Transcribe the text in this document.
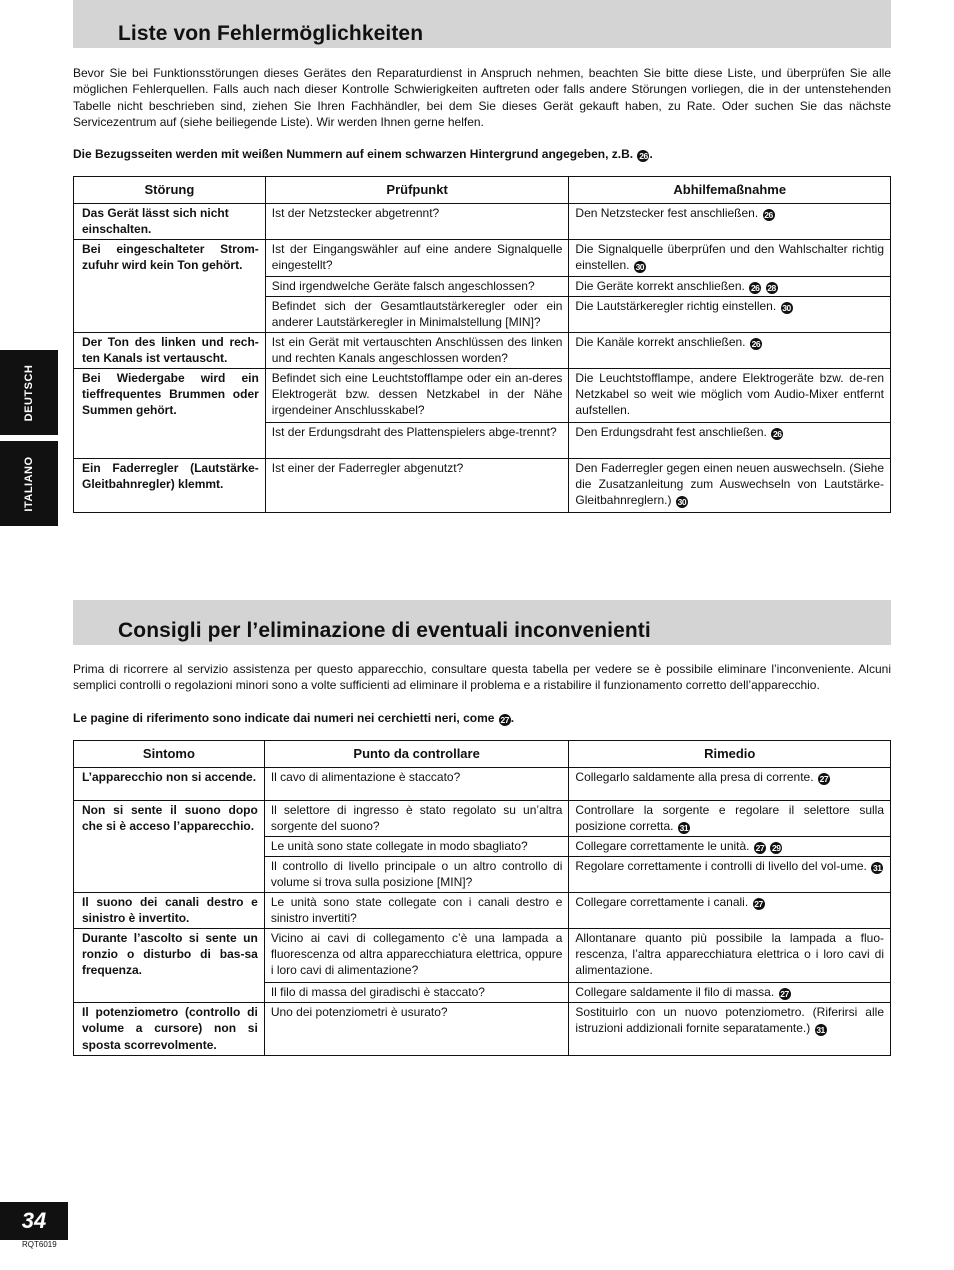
DEUTSCH
ITALIANO
Liste von Fehlermöglichkeiten
Bevor Sie bei Funktionsstörungen dieses Gerätes den Reparaturdienst in Anspruch nehmen, beachten Sie bitte diese Liste, und überprüfen Sie alle möglichen Fehlerquellen. Falls auch nach dieser Kontrolle Schwierigkeiten auftreten oder falls andere Störungen vorliegen, die in der untenstehenden Tabelle nicht beschrieben sind, ziehen Sie Ihren Fachhändler, bei dem Sie dieses Gerät gekauft haben, zu Rate. Oder suchen Sie das nächste Servicezentrum auf (siehe beiliegende Liste). Wir werden Ihnen gerne helfen.
Die Bezugsseiten werden mit weißen Nummern auf einem schwarzen Hintergrund angegeben, z.B. 26 .
Störung	Prüfpunkt	Abhilfemaßnahme
Das Gerät lässt sich nicht einschalten.	Ist der Netzstecker abgetrennt?	Den Netzstecker fest anschließen. 26
Bei eingeschalteter Strom-zufuhr wird kein Ton gehört.	Ist der Eingangswähler auf eine andere Signalquelle eingestellt?	Die Signalquelle überprüfen und den Wahlschalter richtig einstellen. 30
	Sind irgendwelche Geräte falsch angeschlossen?	Die Geräte korrekt anschließen. 26 28
	Befindet sich der Gesamtlautstärkeregler oder ein anderer Lautstärkeregler in Minimalstellung [MIN]?	Die Lautstärkeregler richtig einstellen. 30
Der Ton des linken und rech-ten Kanals ist vertauscht.	Ist ein Gerät mit vertauschten Anschlüssen des linken und rechten Kanals angeschlossen worden?	Die Kanäle korrekt anschließen. 26
Bei Wiedergabe wird ein tieffrequentes Brummen oder Summen gehört.	Befindet sich eine Leuchtstofflampe oder ein an-deres Elektrogerät bzw. dessen Netzkabel in der Nähe irgendeiner Anschlusskabel?	Die Leuchtstofflampe, andere Elektrogeräte bzw. de-ren Netzkabel so weit wie möglich vom Audio-Mixer entfernt aufstellen.
	Ist der Erdungsdraht des Plattenspielers abge-trennt?	Den Erdungsdraht fest anschließen. 26
Ein Faderregler (Lautstärke-Gleitbahnregler) klemmt.	Ist einer der Faderregler abgenutzt?	Den Faderregler gegen einen neuen auswechseln. (Siehe die Zusatzanleitung zum Auswechseln von Lautstärke-Gleitbahnreglern.) 30
Consigli per l’eliminazione di eventuali inconvenienti
Prima di ricorrere al servizio assistenza per questo apparecchio, consultare questa tabella per vedere se è possibile eliminare l’inconveniente. Alcuni semplici controlli o regolazioni minori sono a volte sufficienti ad eliminare il problema e a ristabilire il funzionamento corretto dell’apparecchio.
Le pagine di riferimento sono indicate dai numeri nei cerchietti neri, come 27 .
Sintomo	Punto da controllare	Rimedio
L’apparecchio non si accende.	Il cavo di alimentazione è staccato?	Collegarlo saldamente alla presa di corrente. 27
Non si sente il suono dopo che si è acceso l’apparecchio.	Il selettore di ingresso è stato regolato su un’altra sorgente del suono?	Controllare la sorgente e regolare il selettore sulla posizione corretta. 31
	Le unità sono state collegate in modo sbagliato?	Collegare correttamente le unità. 27 29
	Il controllo di livello principale o un altro controllo di volume si trova sulla posizione [MIN]?	Regolare correttamente i controlli di livello del vol-ume. 31
Il suono dei canali destro e sinistro è invertito.	Le unità sono state collegate con i canali destro e sinistro invertiti?	Collegare correttamente i canali. 27
Durante l’ascolto si sente un ronzio o disturbo di bas-sa frequenza.	Vicino ai cavi di collegamento c’è una lampada a fluorescenza od altra apparecchiatura elettrica, oppure i loro cavi di alimentazione?	Allontanare quanto più possibile la lampada a fluo-rescenza, l’altra apparecchiatura elettrica o i loro cavi di alimentazione.
	Il filo di massa del giradischi è staccato?	Collegare saldamente il filo di massa. 27
Il potenziometro (controllo di volume a cursore) non si sposta scorrevolmente.	Uno dei potenziometri è usurato?	Sostituirlo con un nuovo potenziometro. (Riferirsi alle istruzioni addizionali fornite separatamente.) 31
34
RQT6019
